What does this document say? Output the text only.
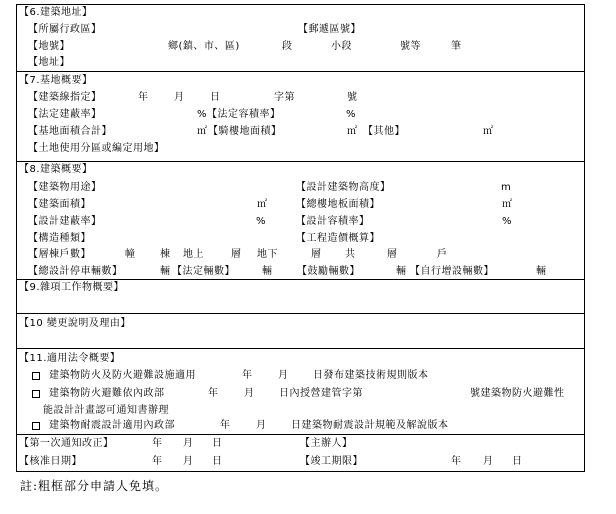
【6.建築地址】
【所屬行政區】	【郵遞區號】
【地號】	鄉(鎮、市、區)	段	小段	號等	筆
【地址】
【7.基地概要】
【建築線指定】	年	月	日	字第	號
【法定建蔽率】	% 【法定容積率】	%
【基地面積合計】	㎡ 【騎樓地面積】	㎡ 【其他】	㎡
【土地使用分區或編定用地】
【8.建築概要】
【建築物用途】	【設計建築物高度】	m
【建築面積】	㎡	【總樓地板面積】	㎡
【設計建蔽率】	%	【設計容積率】	%
【構造種類】	【工程造價概算】
【層棟戶數】	幢 棟 地上	層 地下	層 共	層	戶
【總設計停車輛數】	輛 【法定輛數】	輛 【鼓勵輛數】	輛 【自行增設輛數】	輛
【9.雜項工作物概要】
【10 變更說明及理由】
【11.適用法令概要】
建築物防火及防火避難設施適用	年	月 日發布建築技術規則版本
建築物防火避難依內政部	年	月 日內授營建管字第	號建築物防火避難性
能設計計畫認可通知書辦理
建築物耐震設計適用內政部	年	月 日建築物耐震設計規範及解說版本
【第一次通知改正】	年 月 日	【主辦人】
【核准日期】	年 月 日	【竣工期限】	年 月 日
註:粗框部分申請人免填。
